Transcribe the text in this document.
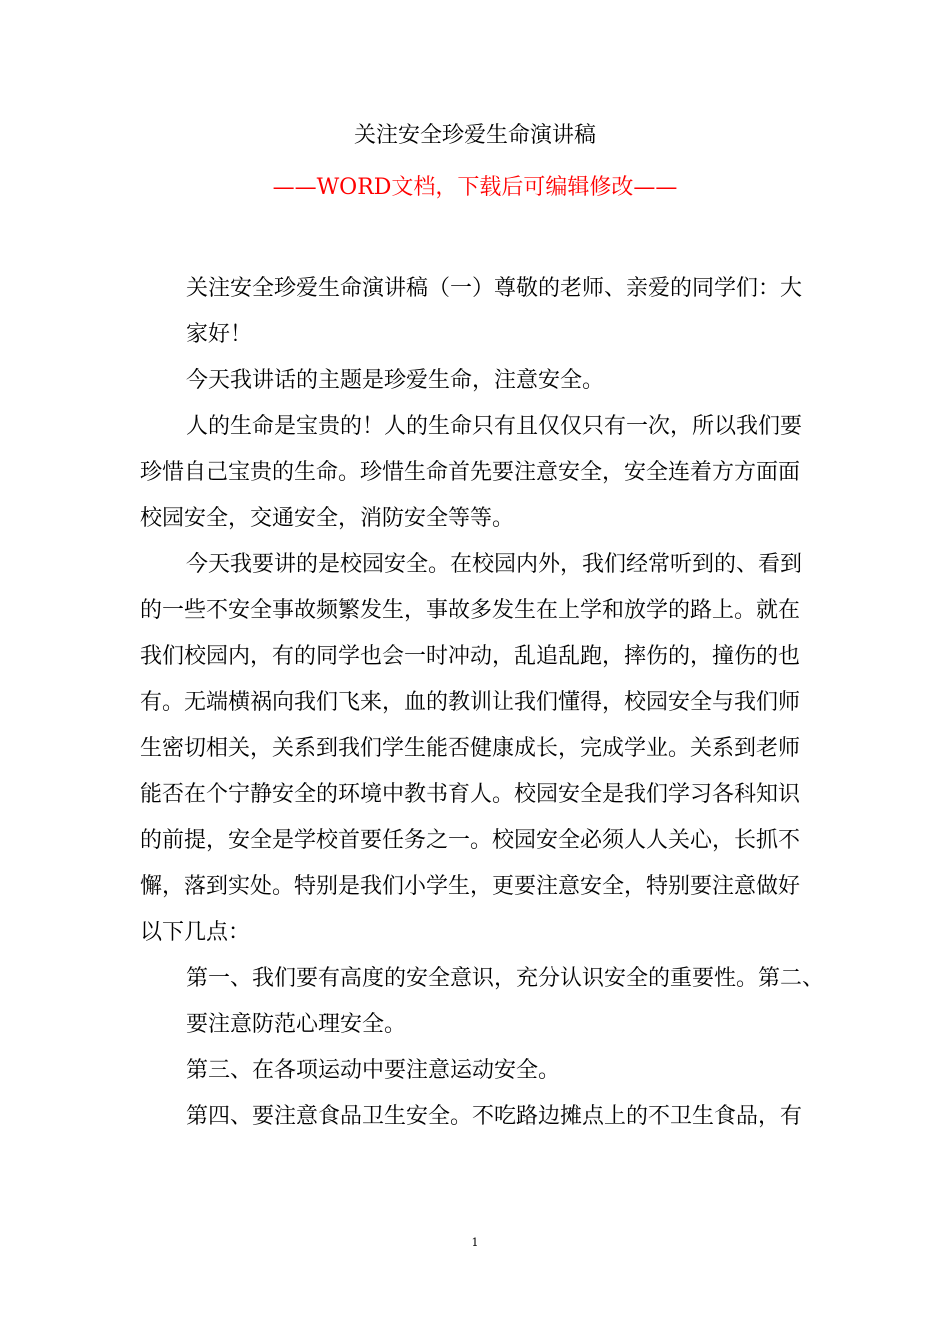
关注安全珍爱生命演讲稿
——WORD文档，下载后可编辑修改——
关注安全珍爱生命演讲稿（一）尊敬的老师、亲爱的同学们：大
家好！
今天我讲话的主题是珍爱生命，注意安全。
人的生命是宝贵的！人的生命只有且仅仅只有一次，所以我们要
珍惜自己宝贵的生命。珍惜生命首先要注意安全，安全连着方方面面
校园安全，交通安全，消防安全等等。
今天我要讲的是校园安全。在校园内外，我们经常听到的、看到
的一些不安全事故频繁发生，事故多发生在上学和放学的路上。就在
我们校园内，有的同学也会一时冲动，乱追乱跑，摔伤的，撞伤的也
有。无端横祸向我们飞来，血的教训让我们懂得，校园安全与我们师
生密切相关，关系到我们学生能否健康成长，完成学业。关系到老师
能否在个宁静安全的环境中教书育人。校园安全是我们学习各科知识
的前提，安全是学校首要任务之一。校园安全必须人人关心，长抓不
懈，落到实处。特别是我们小学生，更要注意安全，特别要注意做好
以下几点：
第一、我们要有高度的安全意识，充分认识安全的重要性。第二、
要注意防范心理安全。
第三、在各项运动中要注意运动安全。
第四、要注意食品卫生安全。不吃路边摊点上的不卫生食品，有
1
